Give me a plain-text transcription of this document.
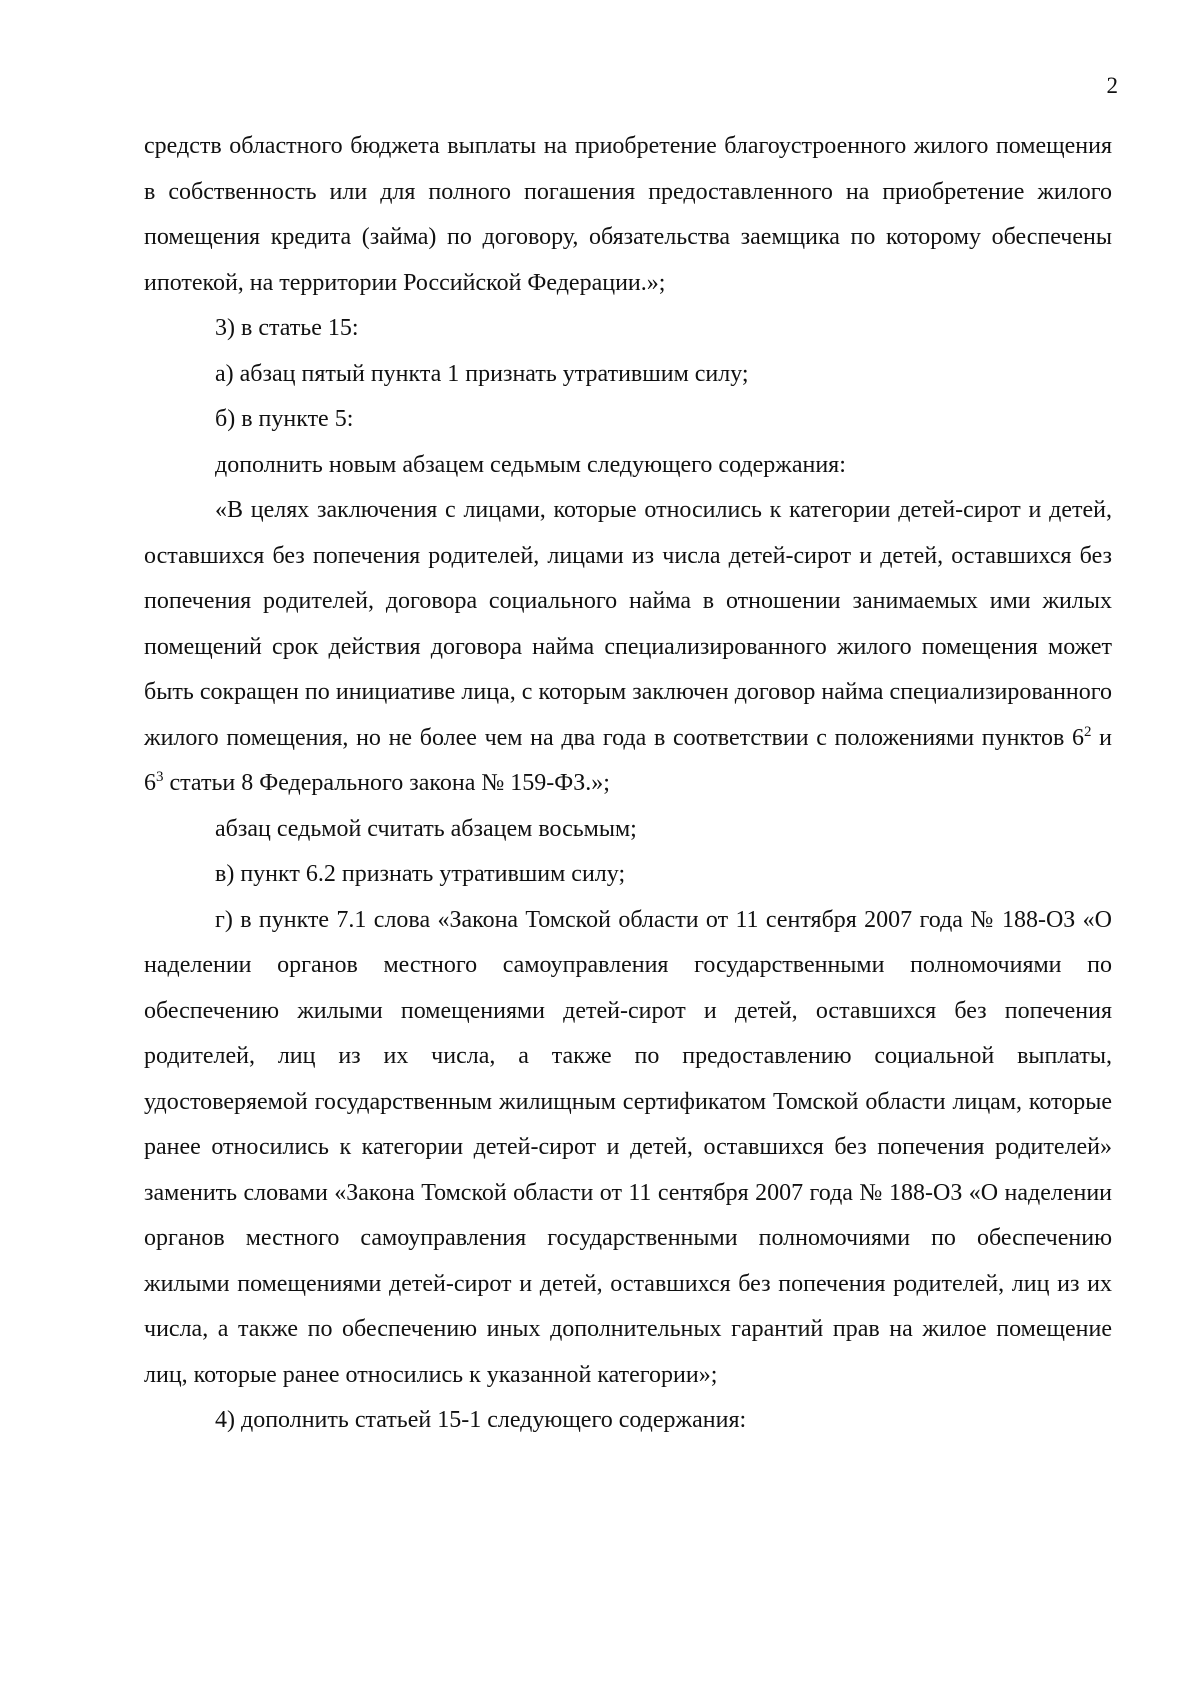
2

средств областного бюджета выплаты на приобретение благоустроенного жилого помещения в собственность или для полного погашения предоставленного на приобретение жилого помещения кредита (займа) по договору, обязательства заемщика по которому обеспечены ипотекой, на территории Российской Федерации.»;

3) в статье 15:

а) абзац пятый пункта 1 признать утратившим силу;

б) в пункте 5:

дополнить новым абзацем седьмым следующего содержания:

«В целях заключения с лицами, которые относились к категории детей-сирот и детей, оставшихся без попечения родителей, лицами из числа детей-сирот и детей, оставшихся без попечения родителей, договора социального найма в отношении занимаемых ими жилых помещений срок действия договора найма специализированного жилого помещения может быть сокращен по инициативе лица, с которым заключен договор найма специализированного жилого помещения, но не более чем на два года в соответствии с положениями пунктов $6^2$ и $6^3$ статьи 8 Федерального закона № 159-ФЗ.»;

абзац седьмой считать абзацем восьмым;

в) пункт 6.2 признать утратившим силу;

г) в пункте 7.1 слова «Закона Томской области от 11 сентября 2007 года № 188-ОЗ «О наделении органов местного самоуправления государственными полномочиями по обеспечению жилыми помещениями детей-сирот и детей, оставшихся без попечения родителей, лиц из их числа, а также по предоставлению социальной выплаты, удостоверяемой государственным жилищным сертификатом Томской области лицам, которые ранее относились к категории детей-сирот и детей, оставшихся без попечения родителей» заменить словами «Закона Томской области от 11 сентября 2007 года № 188-ОЗ «О наделении органов местного самоуправления государственными полномочиями по обеспечению жилыми помещениями детей-сирот и детей, оставшихся без попечения родителей, лиц из их числа, а также по обеспечению иных дополнительных гарантий прав на жилое помещение лиц, которые ранее относились к указанной категории»;

4) дополнить статьей 15-1 следующего содержания:
